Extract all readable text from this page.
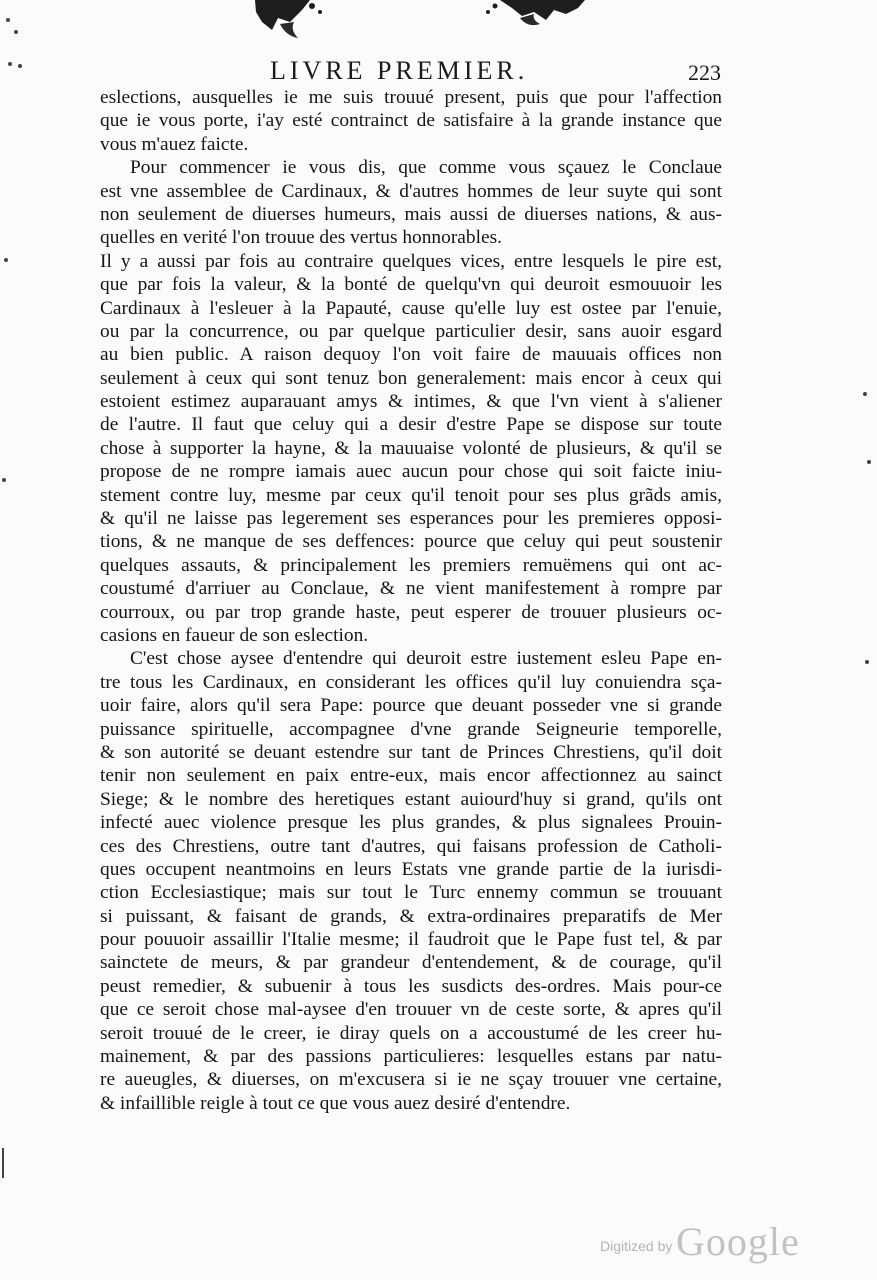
LIVRE PREMIER.	223
eslections, ausquelles ie me suis trouué present, puis que pour l'affection
que ie vous porte, i'ay esté contrainct de satisfaire à la grande instance que
vous m'auez faicte.
Pour commencer ie vous dis, que comme vous sçauez le Conclaue
est vne assemblee de Cardinaux, & d'autres hommes de leur suyte qui sont
non seulement de diuerses humeurs, mais aussi de diuerses nations, & aus-
quelles en verité l'on trouue des vertus honnorables.
Il y a aussi par fois au contraire quelques vices, entre lesquels le pire est,
que par fois la valeur, & la bonté de quelqu'vn qui deuroit esmouuoir les
Cardinaux à l'esleuer à la Papauté, cause qu'elle luy est ostee par l'enuie,
ou par la concurrence, ou par quelque particulier desir, sans auoir esgard
au bien public. A raison dequoy l'on voit faire de mauuais offices non
seulement à ceux qui sont tenuz bon generalement: mais encor à ceux qui
estoient estimez auparauant amys & intimes, & que l'vn vient à s'aliener
de l'autre. Il faut que celuy qui a desir d'estre Pape se dispose sur toute
chose à supporter la hayne, & la mauuaise volonté de plusieurs, & qu'il se
propose de ne rompre iamais auec aucun pour chose qui soit faicte iniu-
stement contre luy, mesme par ceux qu'il tenoit pour ses plus grãds amis,
& qu'il ne laisse pas legerement ses esperances pour les premieres opposi-
tions, & ne manque de ses deffences: pource que celuy qui peut soustenir
quelques assauts, & principalement les premiers remuëmens qui ont ac-
coustumé d'arriuer au Conclaue, & ne vient manifestement à rompre par
courroux, ou par trop grande haste, peut esperer de trouuer plusieurs oc-
casions en faueur de son eslection.
C'est chose aysee d'entendre qui deuroit estre iustement esleu Pape en-
tre tous les Cardinaux, en considerant les offices qu'il luy conuiendra sça-
uoir faire, alors qu'il sera Pape: pource que deuant posseder vne si grande
puissance spirituelle, accompagnee d'vne grande Seigneurie temporelle,
& son autorité se deuant estendre sur tant de Princes Chrestiens, qu'il doit
tenir non seulement en paix entre-eux, mais encor affectionnez au sainct
Siege; & le nombre des heretiques estant auiourd'huy si grand, qu'ils ont
infecté auec violence presque les plus grandes, & plus signalees Prouin-
ces des Chrestiens, outre tant d'autres, qui faisans profession de Catholi-
ques occupent neantmoins en leurs Estats vne grande partie de la iurisdi-
ction Ecclesiastique; mais sur tout le Turc ennemy commun se trouuant
si puissant, & faisant de grands, & extra-ordinaires preparatifs de Mer
pour pouuoir assaillir l'Italie mesme; il faudroit que le Pape fust tel, & par
sainctete de meurs, & par grandeur d'entendement, & de courage, qu'il
peust remedier, & subuenir à tous les susdicts des-ordres. Mais pour-ce
que ce seroit chose mal-aysee d'en trouuer vn de ceste sorte, & apres qu'il
seroit trouué de le creer, ie diray quels on a accoustumé de les creer hu-
mainement, & par des passions particulieres: lesquelles estans par natu-
re aueugles, & diuerses, on m'excusera si ie ne sçay trouuer vne certaine,
& infaillible reigle à tout ce que vous auez desiré d'entendre.
Digitized by Google
